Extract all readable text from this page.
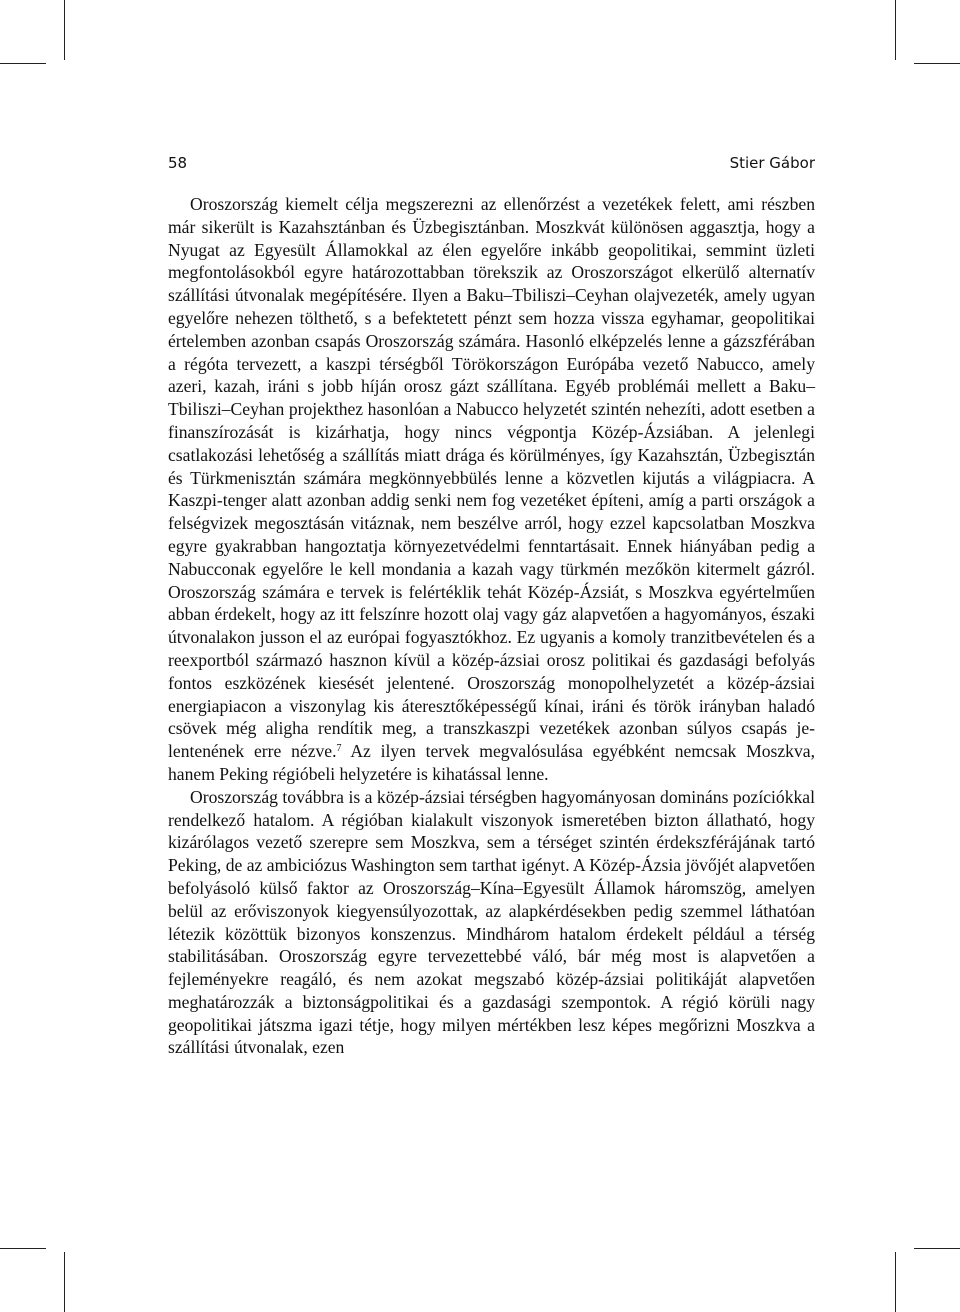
58	Stier Gábor

Oroszország kiemelt célja megszerezni az ellenőrzést a vezetékek felett, ami részben már sikerült is Kazahsztánban és Üzbegisztánban. Moszkvát különösen aggasztja, hogy a Nyugat az Egyesült Államokkal az élen egyelőre inkább geopolitikai, semmint üzleti megfontolásokból egyre határozottabban törekszik az Oroszországot elkerülő alternatív szállítási útvonalak megépítésére. Ilyen a Baku–Tbiliszi–Ceyhan olajvezeték, amely ugyan egyelőre nehezen tölthető, s a befektetett pénzt sem hozza vissza egyhamar, geopolitikai értelemben azonban csapás Oroszország számára. Hasonló elképzelés lenne a gázszférában a régóta tervezett, a kaszpi térségből Törökországon Európába vezető Nabucco, amely azeri, kazah, iráni s jobb híján orosz gázt szállítana. Egyéb problémái mellett a Baku–Tbiliszi–Ceyhan projekthez hasonlóan a Nabucco helyzetét szintén nehezíti, adott esetben a finanszírozását is kizárhatja, hogy nincs végpontja Közép-Ázsiában. A jelenlegi csatlakozási lehetőség a szállítás miatt drága és körülményes, így Kazahsztán, Üzbegisztán és Türkmenisztán számára megkönnyebbülés lenne a közvetlen kijutás a világpiacra. A Kaszpi-tenger alatt azonban addig senki nem fog vezetéket építeni, amíg a parti országok a felségvizek megosztásán vitáznak, nem beszélve arról, hogy ezzel kapcsolatban Moszkva egyre gyakrabban hangoztatja környezetvédelmi fenntartásait. Ennek hiányában pedig a Nabucconak egyelőre le kell mondania a kazah vagy türkmén mezőkön kitermelt gázról. Oroszország számára e tervek is felértéklik tehát Közép-Ázsiát, s Moszkva egyértelműen abban érdekelt, hogy az itt felszínre hozott olaj vagy gáz alapvetően a hagyományos, északi útvonalakon jusson el az európai fogyasztókhoz. Ez ugyanis a komoly tranzitbevételen és a reexportból származó hasznon kívül a közép-ázsiai orosz politikai és gazdasági befolyás fontos eszközének kiesését jelentené. Oroszország monopolhelyzetét a közép-ázsiai energiapiacon a viszonylag kis áteresztőképességű kínai, iráni és török irányban haladó csövek még aligha rendítik meg, a transzkaszpi vezetékek azonban súlyos csapás jelentenének erre nézve.$^7$ Az ilyen tervek megvalósulása egyébként nemcsak Moszkva, hanem Peking régióbeli helyzetére is kihatással lenne.

Oroszország továbbra is a közép-ázsiai térségben hagyományosan domináns pozíciókkal rendelkező hatalom. A régióban kialakult viszonyok ismeretében bizton állatható, hogy kizárólagos vezető szerepre sem Moszkva, sem a térséget szintén érdekszférájának tartó Peking, de az ambiciózus Washington sem tarthat igényt. A Közép-Ázsia jövőjét alapvetően befolyásoló külső faktor az Oroszország–Kína–Egyesült Államok háromszög, amelyen belül az erőviszonyok kiegyensúlyozottak, az alapkérdésekben pedig szemmel láthatóan létezik közöttük bizonyos konszenzus. Mindhárom hatalom érdekelt például a térség stabilitásában. Oroszország egyre tervezettebbé váló, bár még most is alapvetően a fejleményekre reagáló, és nem azokat megszabó közép-ázsiai politikáját alapvetően meghatározzák a biztonságpolitikai és a gazdasági szempontok. A régió körüli nagy geopolitikai játszma igazi tétje, hogy milyen mértékben lesz képes megőrizni Moszkva a szállítási útvonalak, ezen
